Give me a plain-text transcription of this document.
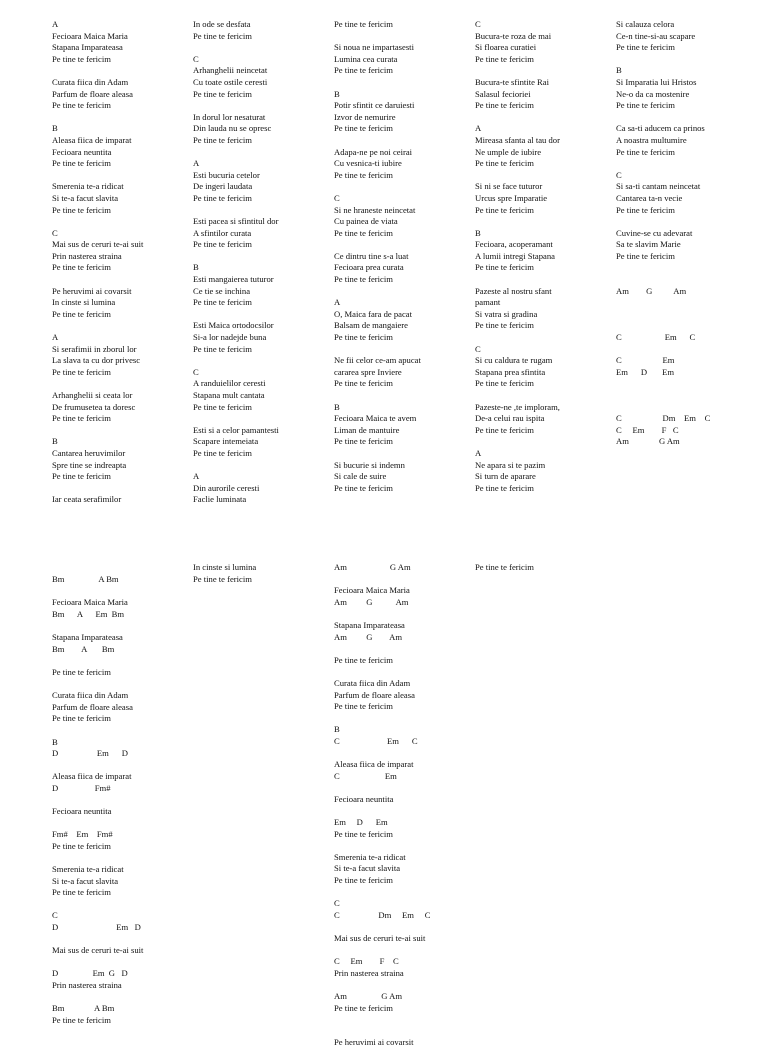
A
Fecioara Maica Maria
Stapana Imparateasa
Pe tine te fericim
Curata fiica din Adam
Parfum de floare aleasa
Pe tine te fericim
B
Aleasa fiica de imparat
Fecioara neuntita
Pe tine te fericim
Smerenia te-a ridicat
Si te-a facut slavita
Pe tine te fericim
C
Mai sus de ceruri te-ai suit
Prin nasterea straina
Pe tine te fericim
Pe heruvimi ai covarsit
In cinste si lumina
Pe tine te fericim
A
Si serafimii in zborul lor
La slava ta cu dor privesc
Pe tine te fericim
Arhanghelii si ceata lor
De frumusetea ta doresc
Pe tine te fericim
B
Cantarea heruvimilor
Spre tine se indreapta
Pe tine te fericim
Iar ceata serafimilor
In ode se desfata
Pe tine te fericim
C
Arhanghelii neincetat
Cu toate ostile ceresti
Pe tine te fericim
In dorul lor nesaturat
Din lauda nu se opresc
Pe tine te fericim
A
Esti bucuria cetelor
De ingeri laudata
Pe tine te fericim
Esti pacea si sfintitul dor
A sfintilor curata
Pe tine te fericim
B
Esti mangaierea tuturor
Ce tie se inchina
Pe tine te fericim
Esti Maica ortodocsilor
Si-a lor nadejde buna
Pe tine te fericim
C
A randuielilor ceresti
Stapana mult cantata
Pe tine te fericim
Esti si a celor pamantesti
Scapare intemeiata
Pe tine te fericim
A
Din aurorile ceresti
Faclie luminata
Pe tine te fericim
Si noua ne impartasesti
Lumina cea curata
Pe tine te fericim
B
Potir sfintit ce daruiesti
Izvor de nemurire
Pe tine te fericim
Adapa-ne pe noi ceirai
Cu vesnica-ti iubire
Pe tine te fericim
C
Si ne hraneste neincetat
Cu painea de viata
Pe tine te fericim
Ce dintru tine s-a luat
Fecioara prea curata
Pe tine te fericim
A
O, Maica fara de pacat
Balsam de mangaiere
Pe tine te fericim
Ne fii celor ce-am apucat
cararea spre Inviere
Pe tine te fericim
B
Fecioara Maica te avem
Liman de mantuire
Pe tine te fericim
Si bucurie si indemn
Si cale de suire
Pe tine te fericim
C
Bucura-te roza de mai
Si floarea curatiei
Pe tine te fericim
Bucura-te sfintite Rai
Salasul fecioriei
Pe tine te fericim
A
Mireasa sfanta al tau dor
Ne umple de iubire
Pe tine te fericim
Si ni se face tuturor
Urcus spre Imparatie
Pe tine te fericim
B
Fecioara, acoperamant
A lumii intregi Stapana
Pe tine te fericim
Pazeste al nostru sfant
pamant
Si vatra si gradina
Pe tine te fericim
C
Si cu caldura te rugam
Stapana prea sfintita
Pe tine te fericim
Pazeste-ne ,te imploram,
De-a celui rau ispita
Pe tine te fericim
A
Ne apara si te pazim
Si turn de aparare
Pe tine te fericim
Si calauza celora
Ce-n tine-si-au scapare
Pe tine te fericim
B
Si Imparatia lui Hristos
Ne-o da ca mostenire
Pe tine te fericim
Ca sa-ti aducem ca prinos
A noastra multumire
Pe tine te fericim
C
Si sa-ti cantam neincetat
Cantarea ta-n vecie
Pe tine te fericim
Cuvine-se cu adevarat
Sa te slavim Marie
Pe tine te fericim
Am        G          Am
C                    Em      C
C                   Em
Em      D       Em
C                   Dm    Em    C
C     Em        F   C
Am              G Am
Bm                A Bm
Fecioara Maica Maria
Bm      A      Em  Bm
Stapana Imparateasa
Bm        A       Bm
Pe tine te fericim
Curata fiica din Adam
Parfum de floare aleasa
Pe tine te fericim
B
D                  Em      D
Aleasa fiica de imparat
D                 Fm#
Fecioara neuntita
Fm#    Em    Fm#
Pe tine te fericim
Smerenia te-a ridicat
Si te-a facut slavita
Pe tine te fericim
C
D                           Em   D
Mai sus de ceruri te-ai suit
D                Em  G   D
Prin nasterea straina
Bm              A Bm
Pe tine te fericim
In cinste si lumina
Pe tine te fericim
Am                    G Am
Fecioara Maica Maria
Am         G           Am
Stapana Imparateasa
Am         G        Am
Pe tine te fericim
Curata fiica din Adam
Parfum de floare aleasa
Pe tine te fericim
B
C                      Em      C
Aleasa fiica de imparat
C                     Em
Fecioara neuntita
Em     D      Em
Pe tine te fericim
Smerenia te-a ridicat
Si te-a facut slavita
Pe tine te fericim
C
C                  Dm     Em     C
Mai sus de ceruri te-ai suit
C     Em        F    C
Prin nasterea straina
Am                G Am
Pe tine te fericim
Pe heruvimi ai covarsit
Pe tine te fericim
